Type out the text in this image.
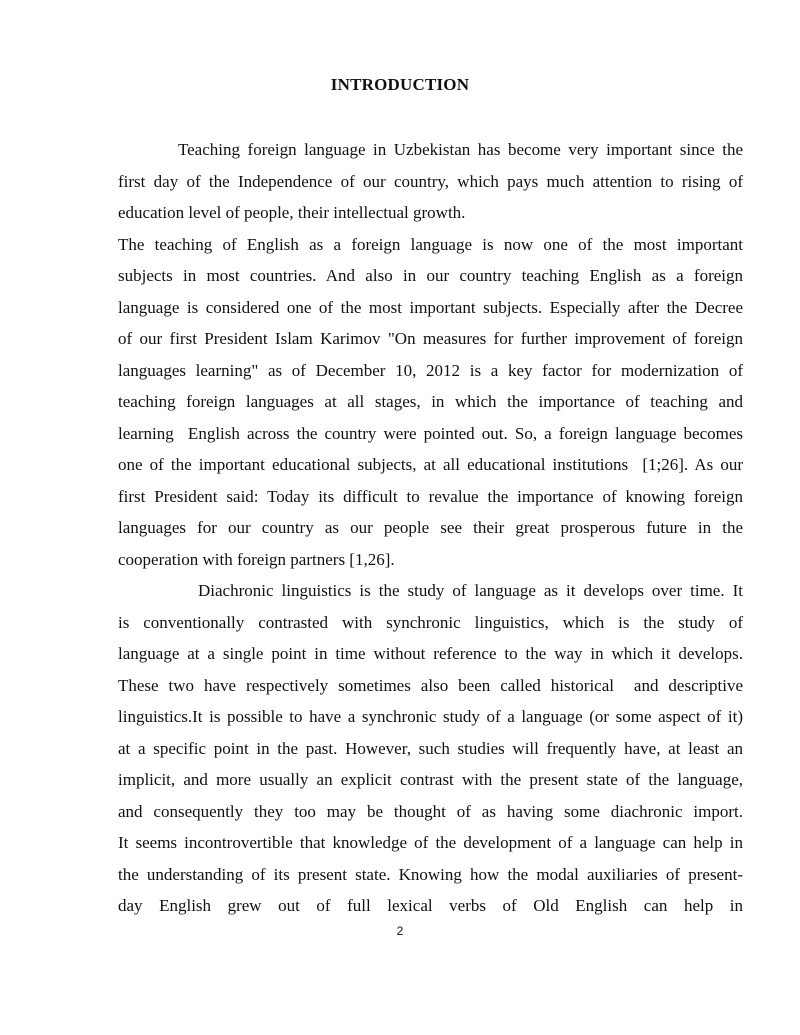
INTRODUCTION
Teaching foreign language in Uzbekistan has become very important since the
first day of the Independence of our country, which pays much attention to rising of
education level of people, their intellectual growth.
The teaching of English as a foreign language is now one of the most important
subjects in most countries. And also in our country teaching English as a foreign
language is considered one of the most important subjects. Especially after the Decree
of our first President Islam Karimov "On measures for further improvement of foreign
languages learning" as of December 10, 2012 is a key factor for modernization of
teaching foreign languages at all stages, in which the importance of teaching and
learning  English across the country were pointed out. So, a foreign language becomes
one of the important educational subjects, at all educational institutions  [1;26]. As our
first President said: Today its difficult to revalue the importance of knowing foreign
languages for our country as our people see their great prosperous future in the
cooperation with foreign partners [1,26].
Diachronic linguistics is the study of language as it develops over time. It
is conventionally contrasted with synchronic linguistics, which is the study of
language at a single point in time without reference to the way in which it develops.
These two have respectively sometimes also been called historical  and descriptive
linguistics.It is possible to have a synchronic study of a language (or some aspect of it)
at a specific point in the past. However, such studies will frequently have, at least an
implicit, and more usually an explicit contrast with the present state of the language,
and consequently they too may be thought of as having some diachronic import.
It seems incontrovertible that knowledge of the development of a language can help in
the understanding of its present state. Knowing how the modal auxiliaries of present-
day English grew out of full lexical verbs of Old English can help in
2
